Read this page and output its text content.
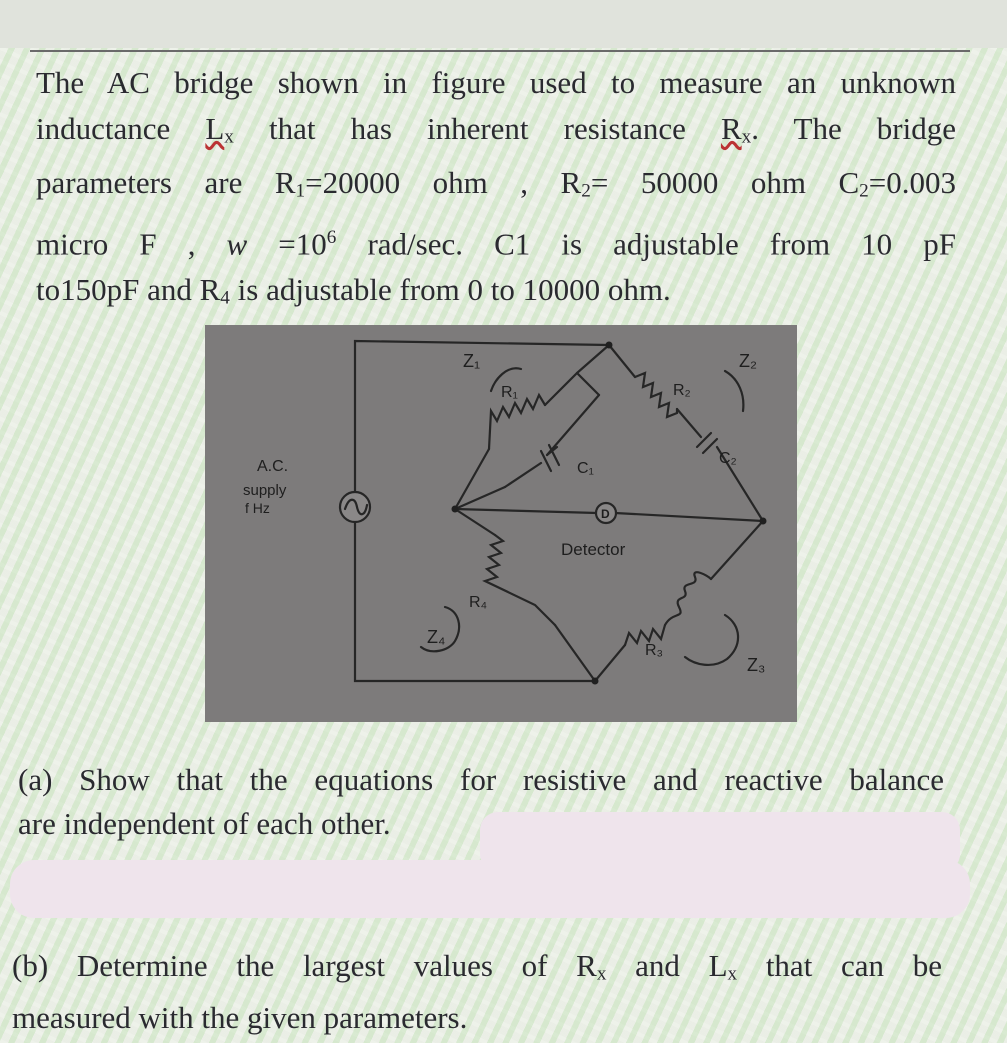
The AC bridge shown in figure used to measure an unknown
inductance $L_x$ that has inherent resistance $R_x$. The bridge
parameters are $R_1=20000$ ohm , $R_2= 50000$ ohm $C_2=0.003$
micro F , $w =10^6$ rad/sec. C1 is adjustable from 10 pF
to150pF and $R_4$ is adjustable from 0 to 10000 ohm.
A.C.
supply
f Hz
Z₁	Z₂
Z₃
Z₄
R₁	R₂
R₃
R₄
C₁
C₂
D
Detector
(a) Show that the equations for resistive and reactive balance
are independent of each other.
(b) Determine the largest values of $R_x$ and $L_x$ that can be
measured with the given parameters.
